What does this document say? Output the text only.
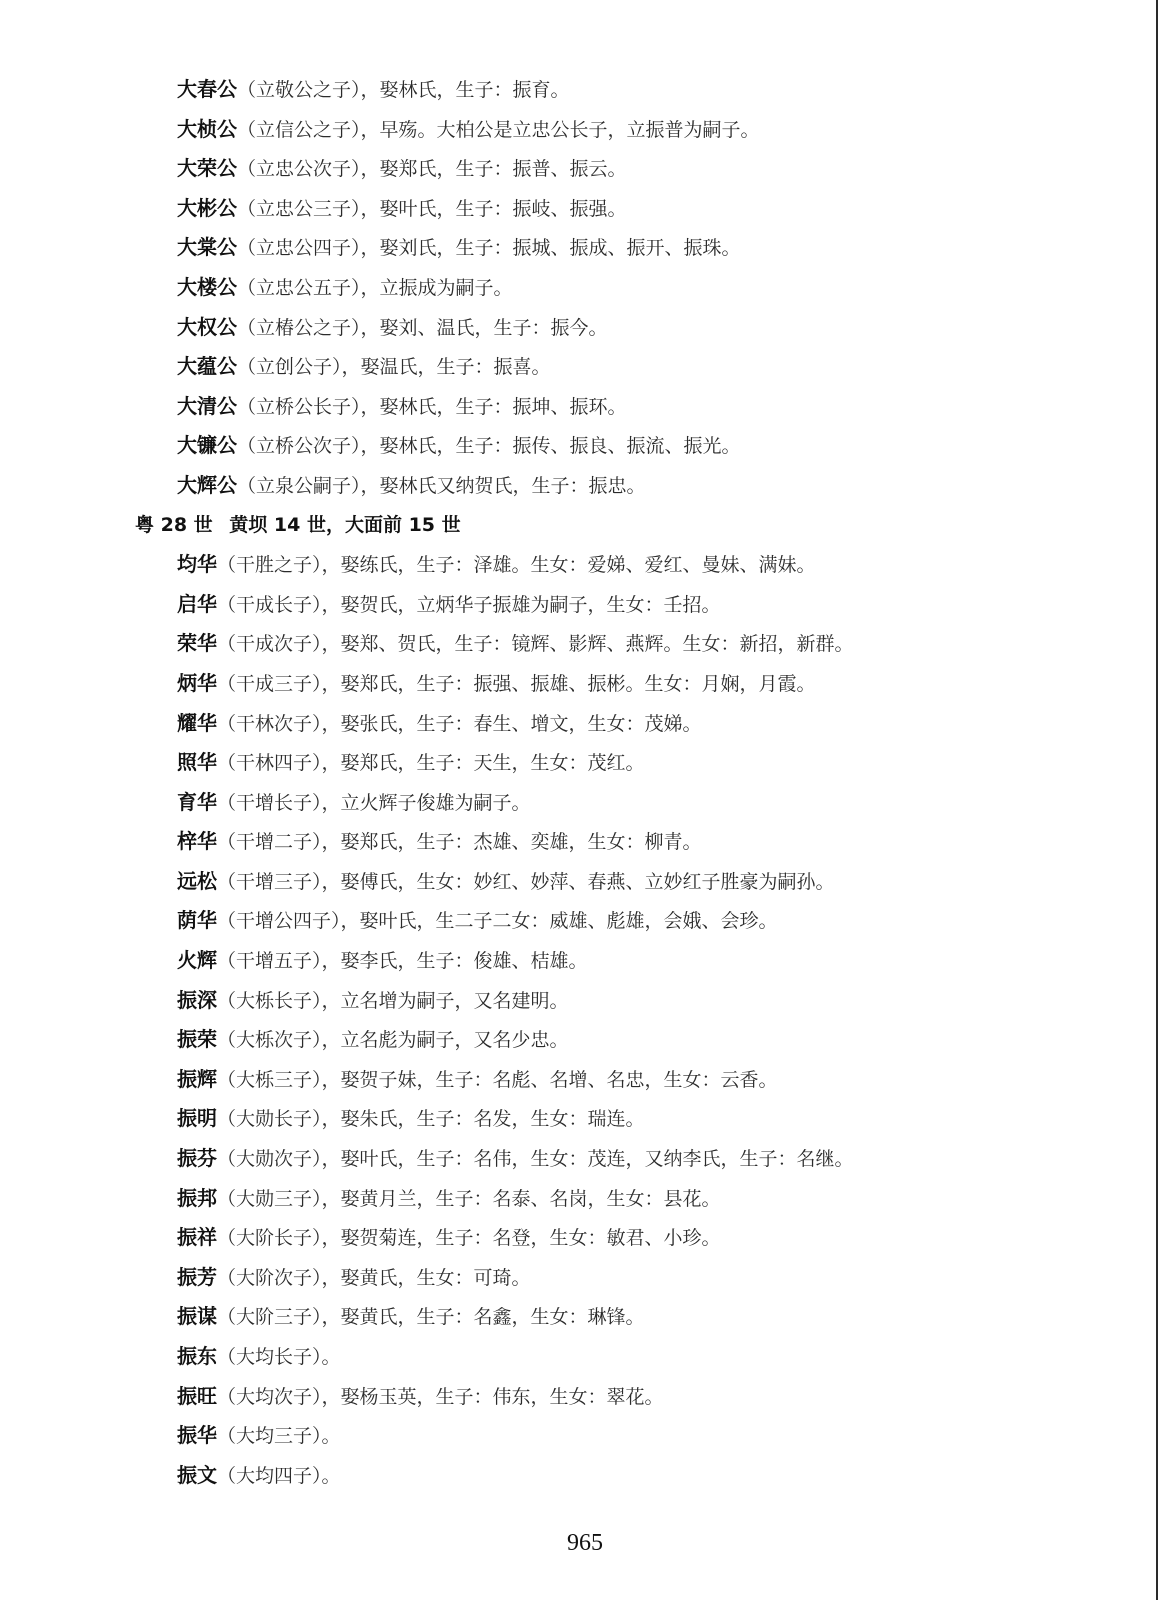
大春公（立敬公之子），娶林氏，生子：振育。
大桢公（立信公之子），早殇。大柏公是立忠公长子，立振普为嗣子。
大荣公（立忠公次子），娶郑氏，生子：振普、振云。
大彬公（立忠公三子），娶叶氏，生子：振岐、振强。
大棠公（立忠公四子），娶刘氏，生子：振城、振成、振开、振珠。
大楼公（立忠公五子），立振成为嗣子。
大权公（立椿公之子），娶刘、温氏，生子：振今。
大蕴公（立创公子），娶温氏，生子：振喜。
大清公（立桥公长子），娶林氏，生子：振坤、振环。
大镰公（立桥公次子），娶林氏，生子：振传、振良、振流、振光。
大辉公（立泉公嗣子），娶林氏又纳贺氏，生子：振忠。
粤 28 世 黄坝 14 世，大面前 15 世
均华（干胜之子），娶练氏，生子：泽雄。生女：爱娣、爱红、曼妹、满妹。
启华（干成长子），娶贺氏，立炳华子振雄为嗣子，生女：壬招。
荣华（干成次子），娶郑、贺氏，生子：镜辉、影辉、燕辉。生女：新招，新群。
炳华（干成三子），娶郑氏，生子：振强、振雄、振彬。生女：月娴，月霞。
耀华（干林次子），娶张氏，生子：春生、增文，生女：茂娣。
照华（干林四子），娶郑氏，生子：天生，生女：茂红。
育华（干增长子），立火辉子俊雄为嗣子。
梓华（干增二子），娶郑氏，生子：杰雄、奕雄，生女：柳青。
远松（干增三子），娶傅氏，生女：妙红、妙萍、春燕、立妙红子胜豪为嗣孙。
荫华（干增公四子），娶叶氏，生二子二女：威雄、彪雄，会娥、会珍。
火辉（干增五子），娶李氏，生子：俊雄、桔雄。
振深（大栎长子），立名增为嗣子，又名建明。
振荣（大栎次子），立名彪为嗣子，又名少忠。
振辉（大栎三子），娶贺子妹，生子：名彪、名增、名忠，生女：云香。
振明（大勋长子），娶朱氏，生子：名发，生女：瑞连。
振芬（大勋次子），娶叶氏，生子：名伟，生女：茂连，又纳李氏，生子：名继。
振邦（大勋三子），娶黄月兰，生子：名泰、名岗，生女：县花。
振祥（大阶长子），娶贺菊连，生子：名登，生女：敏君、小珍。
振芳（大阶次子），娶黄氏，生女：可琦。
振谋（大阶三子），娶黄氏，生子：名鑫，生女：琳锋。
振东（大均长子）。
振旺（大均次子），娶杨玉英，生子：伟东，生女：翠花。
振华（大均三子）。
振文（大均四子）。
965
